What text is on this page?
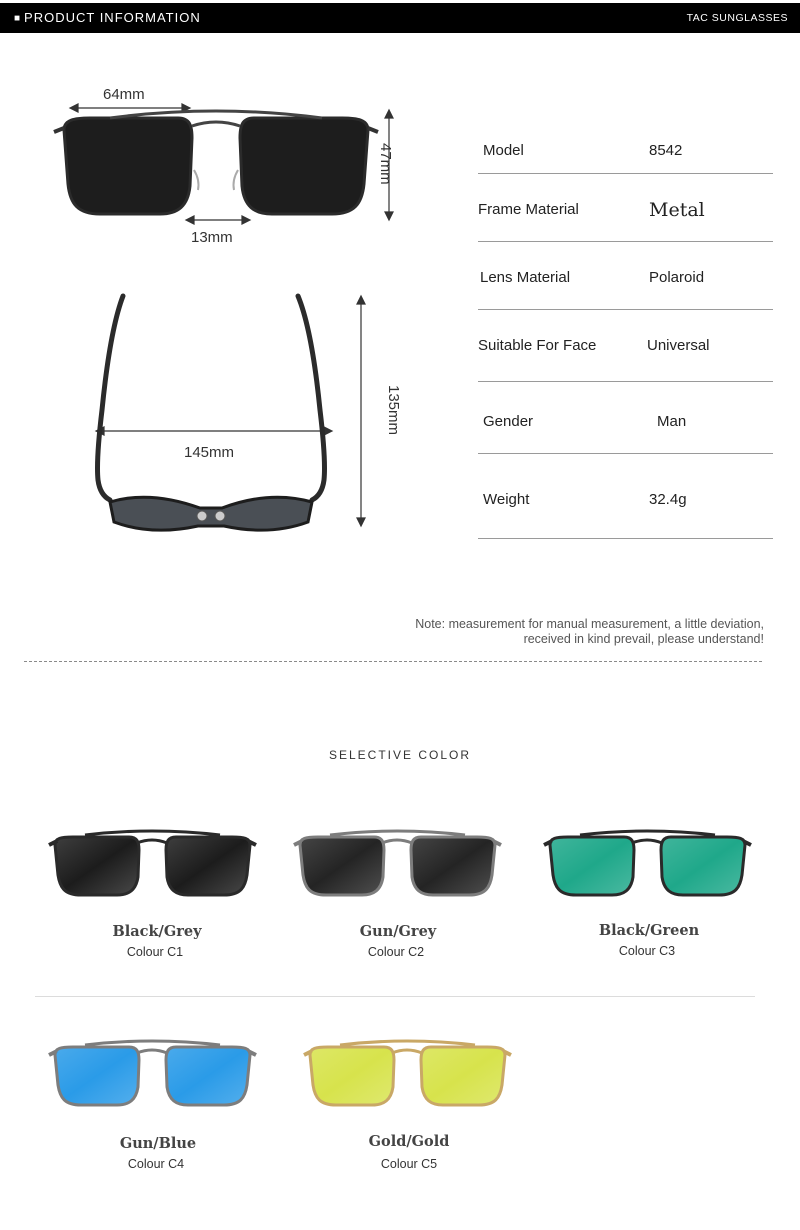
■ PRODUCT INFORMATION	TAC SUNGLASSES
64mm
13mm
47mm
145mm
135mm
Model	8542
Frame Material	Metal
Lens Material	Polaroid
Suitable For Face	Universal
Gender	Man
Weight	32.4g
Note: measurement for manual measurement, a little deviation,
received in kind prevail, please understand!
SELECTIVE COLOR
Black/Grey
Colour C1
Gun/Grey
Colour C2
Black/Green
Colour C3
Gun/Blue
Colour C4
Gold/Gold
Colour C5
